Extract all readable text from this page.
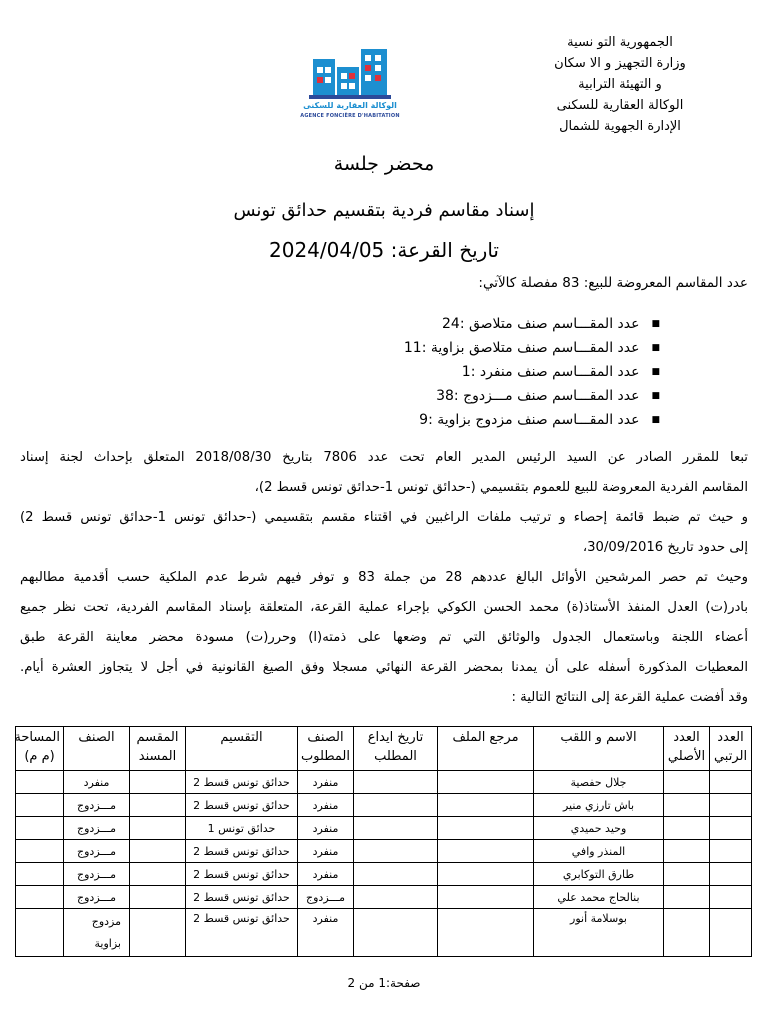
الجمهورية التو نسية
وزارة التجهيز و الا سكان
و التهيئة الترابية
الوكالة العقارية للسكنى
الإدارة الجهوية للشمال
الوكالة العقارية للسكنى
AGENCE FONCIÈRE D'HABITATION
محضر جلسة
إسناد مقاسم فردية بتقسيم حدائق تونس
تاريخ القرعة: 2024/04/05
عدد المقاسم المعروضة للبيع: 83 مفصلة كالآتي:
■ عدد المقـــاسم صنف متلاصق :24
■ عدد المقـــاسم صنف متلاصق بزاوية :11
■ عدد المقـــاسم صنف منفرد :1
■ عدد المقـــاسم صنف مـــزدوج :38
■ عدد المقـــاسم صنف مزدوج بزاوية :9
تبعا للمقرر الصادر عن السيد الرئيس المدير العام تحت عدد 7806 بتاريخ 2018/08/30 المتعلق بإحداث لجنة إسناد
المقاسم الفردية المعروضة للبيع للعموم بتقسيمي (-حدائق تونس 1-حدائق تونس قسط 2)،
و حيث تم ضبط قائمة إحصاء و ترتيب ملفات الراغبين في اقتناء مقسم بتقسيمي (-حدائق تونس 1-حدائق تونس قسط 2)
إلى حدود تاريخ 30/09/2016،
وحيث تم حصر المرشحين الأوائل البالغ عددهم 28 من جملة 83 و توفر فيهم شرط عدم الملكية حسب أقدمية مطالبهم
بادر(ت) العدل المنفذ الأستاذ(ة) محمد الحسن الكوكي بإجراء عملية القرعة، المتعلقة بإسناد المقاسم الفردية، تحت نظر جميع
أعضاء اللجنة وباستعمال الجدول والوثائق التي تم وضعها على ذمته(ا) وحرر(ت) مسودة محضر معاينة القرعة طبق
المعطيات المذكورة أسفله على أن يمدنا بمحضر القرعة النهائي مسجلا وفق الصيغ القانونية في أجل لا يتجاوز العشرة أيام.
وقد أفضت عملية القرعة إلى النتائج التالية :
العدد الرتبي	العدد الأصلي	الاسم و اللقب	مرجع الملف	تاريخ ايداع المطلب	الصنف المطلوب	التقسيم	المقسم المسند	الصنف	المساحة (م م)
		جلال حفصية			منفرد	حدائق تونس قسط 2		منفرد	
		باش تارزي منير			منفرد	حدائق تونس قسط 2		مـــزدوج	
		وحيد حميدي			منفرد	حدائق تونس 1		مـــزدوج	
		المنذر وافي			منفرد	حدائق تونس قسط 2		مـــزدوج	
		طارق التوكابري			منفرد	حدائق تونس قسط 2		مـــزدوج	
		بنالحاج محمد علي			مـــزدوج	حدائق تونس قسط 2		مـــزدوج	
		بوسلامة أنور			منفرد	حدائق تونس قسط 2		مزدوج بزاوية	
صفحة:1 من 2
